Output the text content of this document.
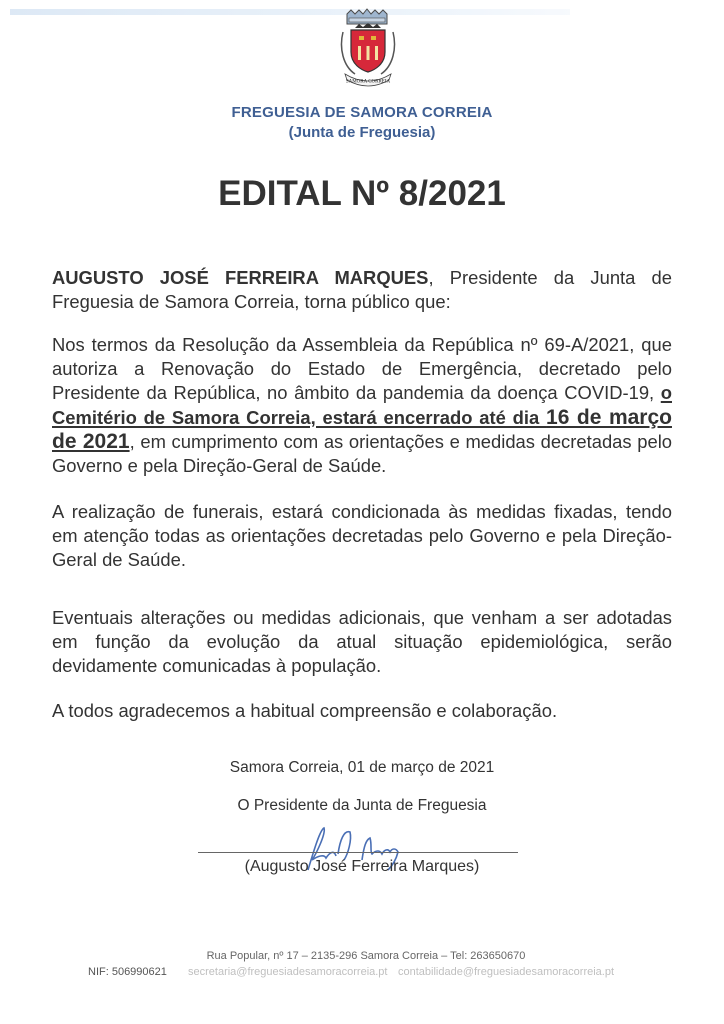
SAMORA CORREIA
FREGUESIA DE SAMORA CORREIA
(Junta de Freguesia)
EDITAL Nº 8/2021
AUGUSTO JOSÉ FERREIRA MARQUES, Presidente da Junta de Freguesia de Samora Correia, torna público que:
Nos termos da Resolução da Assembleia da República nº 69-A/2021, que autoriza a Renovação do Estado de Emergência, decretado pelo Presidente da República, no âmbito da pandemia da doença COVID-19, o Cemitério de Samora Correia, estará encerrado até dia 16 de março de 2021, em cumprimento com as orientações e medidas decretadas pelo Governo e pela Direção-Geral de Saúde.
A realização de funerais, estará condicionada às medidas fixadas, tendo em atenção todas as orientações decretadas pelo Governo e pela Direção-Geral de Saúde.
Eventuais alterações ou medidas adicionais, que venham a ser adotadas em função da evolução da atual situação epidemiológica, serão devidamente comunicadas à população.
A todos agradecemos a habitual compreensão e colaboração.
Samora Correia, 01 de março de 2021
O Presidente da Junta de Freguesia
(Augusto José Ferreira Marques)
Rua Popular, nº 17 – 2135-296 Samora Correia – Tel: 263650670
NIF: 506990621 secretaria@freguesiadesamoracorreia.pt contabilidade@freguesiadesamoracorreia.pt
